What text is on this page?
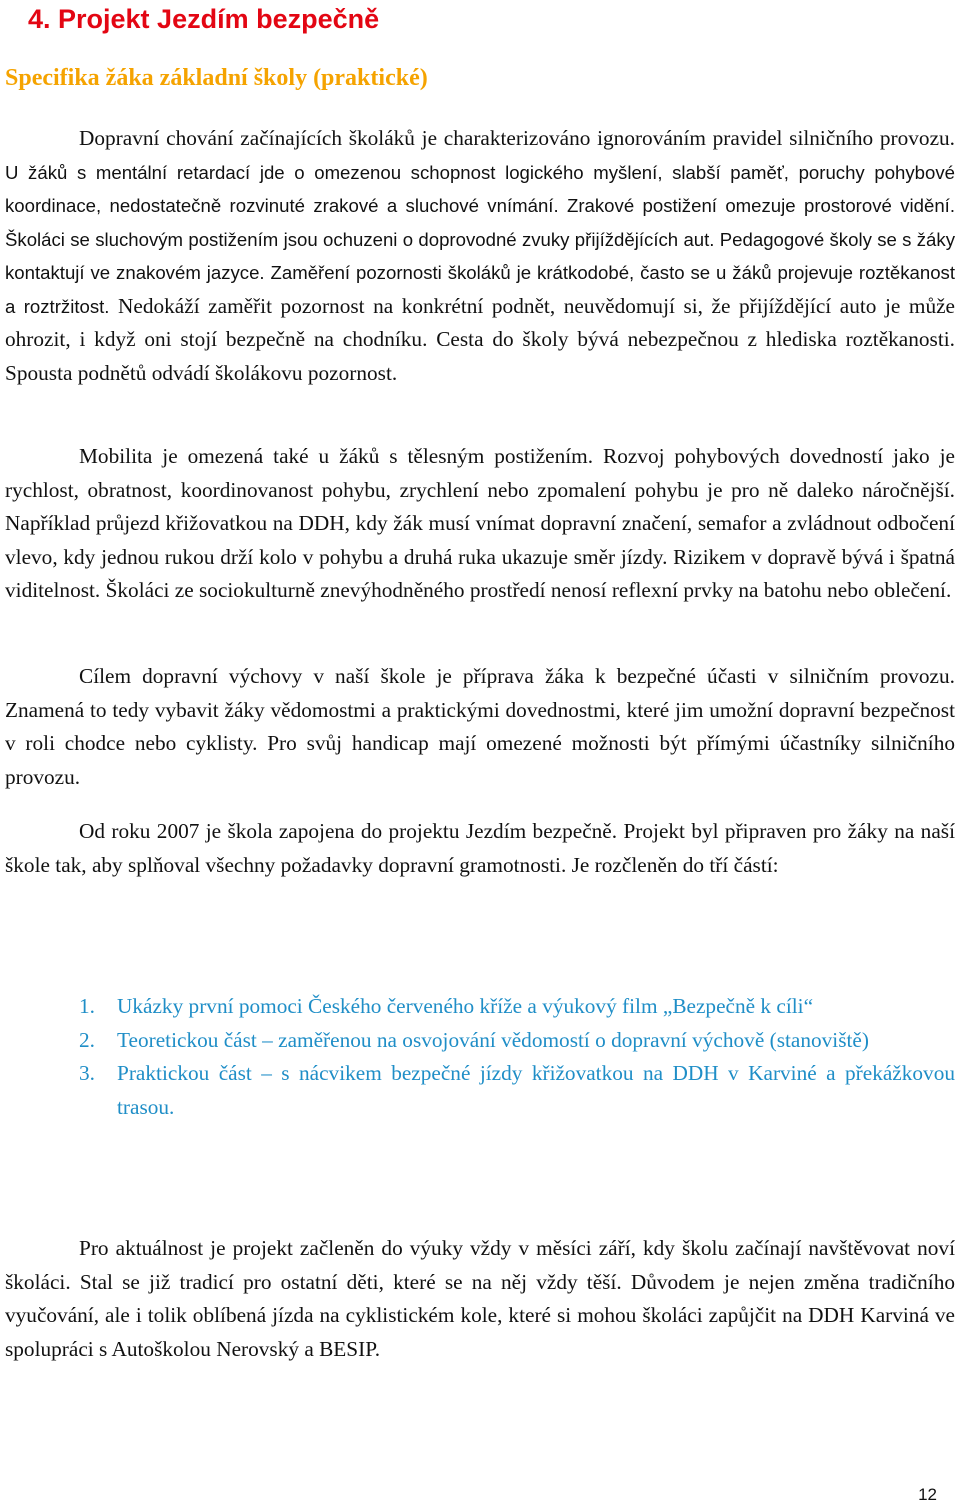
4. Projekt Jezdím bezpečně
Specifika žáka základní školy (praktické)

Dopravní chování začínajících školáků je charakterizováno ignorováním pravidel silničního provozu. U žáků s mentální retardací jde o omezenou schopnost logického myšlení, slabší paměť, poruchy pohybové koordinace, nedostatečně rozvinuté zrakové a sluchové vnímání. Zrakové postižení omezuje prostorové vidění. Školáci se sluchovým postižením jsou ochuzeni o doprovodné zvuky přijíždějících aut. Pedagogové školy se s žáky kontaktují ve znakovém jazyce. Zaměření pozornosti školáků je krátkodobé, často se u žáků projevuje roztěkanost a roztržitost. Nedokáží zaměřit pozornost na konkrétní podnět, neuvědomují si, že přijíždějící auto je může ohrozit, i když oni stojí bezpečně na chodníku. Cesta do školy bývá nebezpečnou z hlediska roztěkanosti. Spousta podnětů odvádí školákovu pozornost.

Mobilita je omezená také u žáků s tělesným postižením. Rozvoj pohybových dovedností jako je rychlost, obratnost, koordinovanost pohybu, zrychlení nebo zpomalení pohybu je pro ně daleko náročnější. Například průjezd křižovatkou na DDH, kdy žák musí vnímat dopravní značení, semafor a zvládnout odbočení vlevo, kdy jednou rukou drží kolo v pohybu a druhá ruka ukazuje směr jízdy. Rizikem v dopravě bývá i špatná viditelnost. Školáci ze sociokulturně znevýhodněného prostředí nenosí reflexní prvky na batohu nebo oblečení.

Cílem dopravní výchovy v naší škole je příprava žáka k bezpečné účasti v silničním provozu. Znamená to tedy vybavit žáky vědomostmi a praktickými dovednostmi, které jim umožní dopravní bezpečnost v roli chodce nebo cyklisty. Pro svůj handicap mají omezené možnosti být přímými účastníky silničního provozu.

Od roku 2007 je škola zapojena do projektu Jezdím bezpečně. Projekt byl připraven pro žáky na naší škole tak, aby splňoval všechny požadavky dopravní gramotnosti. Je rozčleněn do tří částí:

1. Ukázky první pomoci Českého červeného kříže a výukový film „Bezpečně k cíli“
2. Teoretickou část – zaměřenou na osvojování vědomostí o dopravní výchově (stanoviště)
3. Praktickou část – s nácvikem bezpečné jízdy křižovatkou na DDH v Karviné a překážkovou trasou.

Pro aktuálnost je projekt začleněn do výuky vždy v měsíci září, kdy školu začínají navštěvovat noví školáci. Stal se již tradicí pro ostatní děti, které se na něj vždy těší. Důvodem je nejen změna tradičního vyučování, ale i tolik oblíbená jízda na cyklistickém kole, které si mohou školáci zapůjčit na DDH Karviná ve spolupráci s Autoškolou Nerovský a BESIP.

12
